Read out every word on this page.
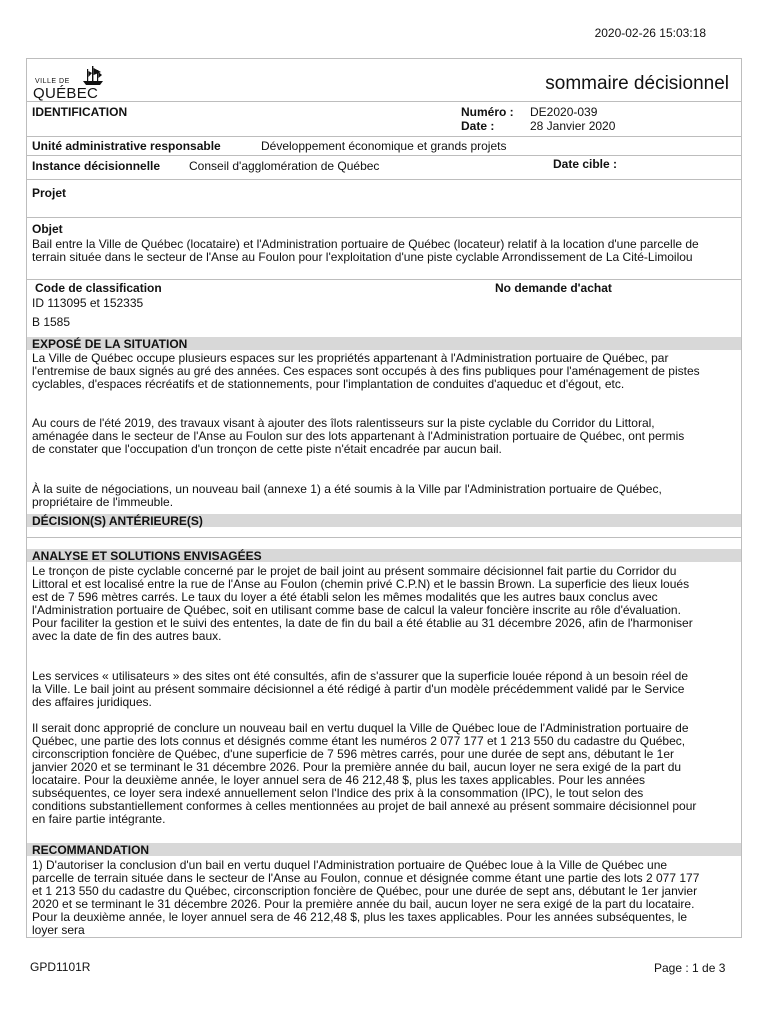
2020-02-26 15:03:18
VILLE DE
QUÉBEC	sommaire décisionnel
IDENTIFICATION	Numéro : DE2020-039
Date :	28 Janvier 2020
Unité administrative responsable	Développement économique et grands projets
Instance décisionnelle Conseil d'agglomération de Québec	Date cible :
Projet
Objet

Bail entre la Ville de Québec (locataire) et l'Administration portuaire de Québec (locateur) relatif à la location d'une parcelle de terrain située dans le secteur de l'Anse au Foulon pour l'exploitation d'une piste cyclable Arrondissement de La Cité-Limoilou

Code de classification	No demande d'achat
ID 113095 et 152335
B 1585
EXPOSÉ DE LA SITUATION

La Ville de Québec occupe plusieurs espaces sur les propriétés appartenant à l'Administration portuaire de Québec, par l'entremise de baux signés au gré des années. Ces espaces sont occupés à des fins publiques pour l'aménagement de pistes cyclables, d'espaces récréatifs et de stationnements, pour l'implantation de conduites d'aqueduc et d'égout, etc.

Au cours de l'été 2019, des travaux visant à ajouter des îlots ralentisseurs sur la piste cyclable du Corridor du Littoral, aménagée dans le secteur de l'Anse au Foulon sur des lots appartenant à l'Administration portuaire de Québec, ont permis de constater que l'occupation d'un tronçon de cette piste n'était encadrée par aucun bail.

À la suite de négociations, un nouveau bail (annexe 1) a été soumis à la Ville par l'Administration portuaire de Québec, propriétaire de l'immeuble.

DÉCISION(S) ANTÉRIEURE(S)
ANALYSE ET SOLUTIONS ENVISAGÉES

Le tronçon de piste cyclable concerné par le projet de bail joint au présent sommaire décisionnel fait partie du Corridor du Littoral et est localisé entre la rue de l'Anse au Foulon (chemin privé C.P.N) et le bassin Brown. La superficie des lieux loués est de 7 596 mètres carrés. Le taux du loyer a été établi selon les mêmes modalités que les autres baux conclus avec l'Administration portuaire de Québec, soit en utilisant comme base de calcul la valeur foncière inscrite au rôle d'évaluation. Pour faciliter la gestion et le suivi des ententes, la date de fin du bail a été établie au 31 décembre 2026, afin de l'harmoniser avec la date de fin des autres baux.

Les services « utilisateurs » des sites ont été consultés, afin de s'assurer que la superficie louée répond à un besoin réel de la Ville. Le bail joint au présent sommaire décisionnel a été rédigé à partir d'un modèle précédemment validé par le Service des affaires juridiques.

Il serait donc approprié de conclure un nouveau bail en vertu duquel la Ville de Québec loue de l'Administration portuaire de Québec, une partie des lots connus et désignés comme étant les numéros 2 077 177 et 1 213 550 du cadastre du Québec, circonscription foncière de Québec, d'une superficie de 7 596 mètres carrés, pour une durée de sept ans, débutant le 1er janvier 2020 et se terminant le 31 décembre 2026. Pour la première année du bail, aucun loyer ne sera exigé de la part du locataire. Pour la deuxième année, le loyer annuel sera de 46 212,48 $, plus les taxes applicables. Pour les années subséquentes, ce loyer sera indexé annuellement selon l'Indice des prix à la consommation (IPC), le tout selon des conditions substantiellement conformes à celles mentionnées au projet de bail annexé au présent sommaire décisionnel pour en faire partie intégrante.

RECOMMANDATION

1) D'autoriser la conclusion d'un bail en vertu duquel l'Administration portuaire de Québec loue à la Ville de Québec une parcelle de terrain située dans le secteur de l'Anse au Foulon, connue et désignée comme étant une partie des lots 2 077 177 et 1 213 550 du cadastre du Québec, circonscription foncière de Québec, pour une durée de sept ans, débutant le 1er janvier 2020 et se terminant le 31 décembre 2026. Pour la première année du bail, aucun loyer ne sera exigé de la part du locataire. Pour la deuxième année, le loyer annuel sera de 46 212,48 $, plus les taxes applicables. Pour les années subséquentes, le loyer sera

GPD1101R	Page : 1 de 3
